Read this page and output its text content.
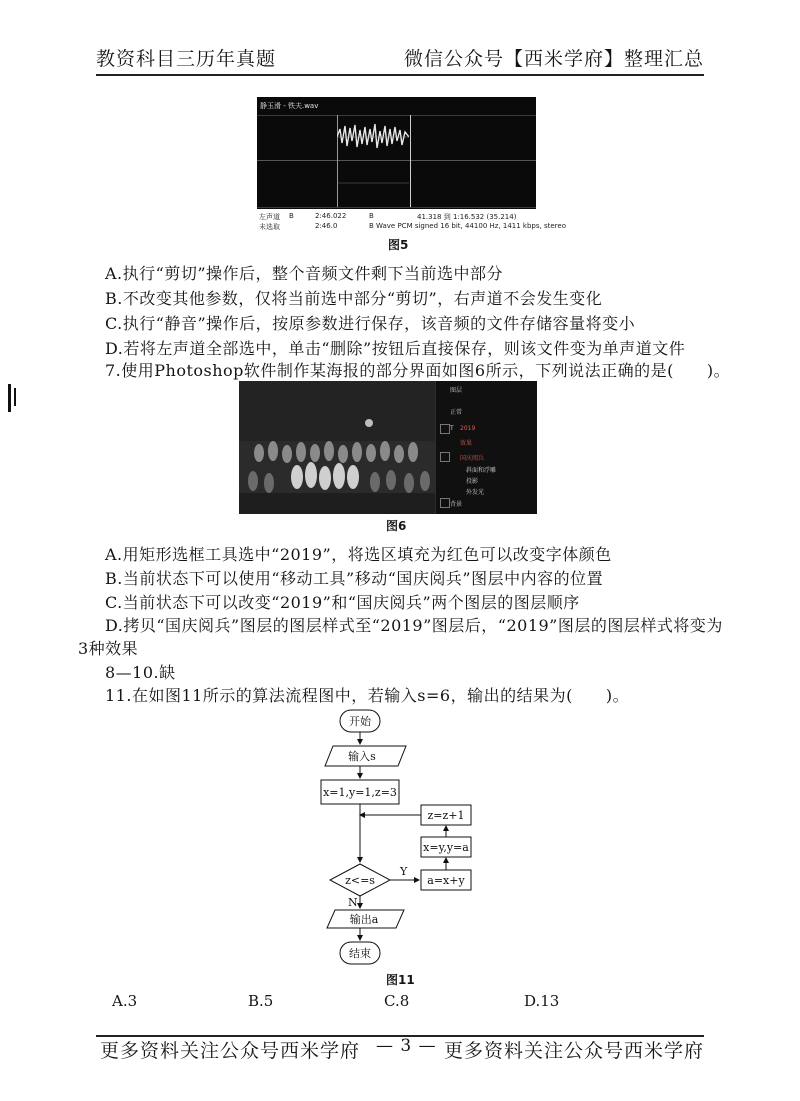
教资科目三历年真题	微信公众号【西米学府】整理汇总
静玉滑 - 铁夫.wav
左声道 B	2:46.022	B	41.318 到 1:16.532 (35.214)
未选取	2:46.0	B Wave PCM signed 16 bit, 44100 Hz, 1411 kbps, stereo
图5
A.执行“剪切”操作后，整个音频文件剩下当前选中部分
B.不改变其他参数，仅将当前选中部分“剪切”，右声道不会发生变化
C.执行“静音”操作后，按原参数进行保存，该音频的文件存储容量将变小
D.若将左声道全部选中，单击“删除”按钮后直接保存，则该文件变为单声道文件
7.使用Photoshop软件制作某海报的部分界面如图6所示，下列说法正确的是(　　)。
图层
正常
T 2019
效果
国庆阅兵
斜面和浮雕
投影
外发光
背景
图6
A.用矩形选框工具选中“2019”，将选区填充为红色可以改变字体颜色
B.当前状态下可以使用“移动工具”移动“国庆阅兵”图层中内容的位置
C.当前状态下可以改变“2019”和“国庆阅兵”两个图层的图层顺序
D.拷贝“国庆阅兵”图层的图层样式至“2019”图层后，“2019”图层的图层样式将变为
3种效果
8—10.缺
11.在如图11所示的算法流程图中，若输入s=6，输出的结果为(　　)。
开始
输入s
x=1,y=1,z=3
z<=s
Y
N
a=x+y
x=y,y=a
z=z+1
输出a
结束
图11
A.3	B.5	C.8	D.13
更多资料关注公众号西米学府 — 3 — 更多资料关注公众号西米学府
